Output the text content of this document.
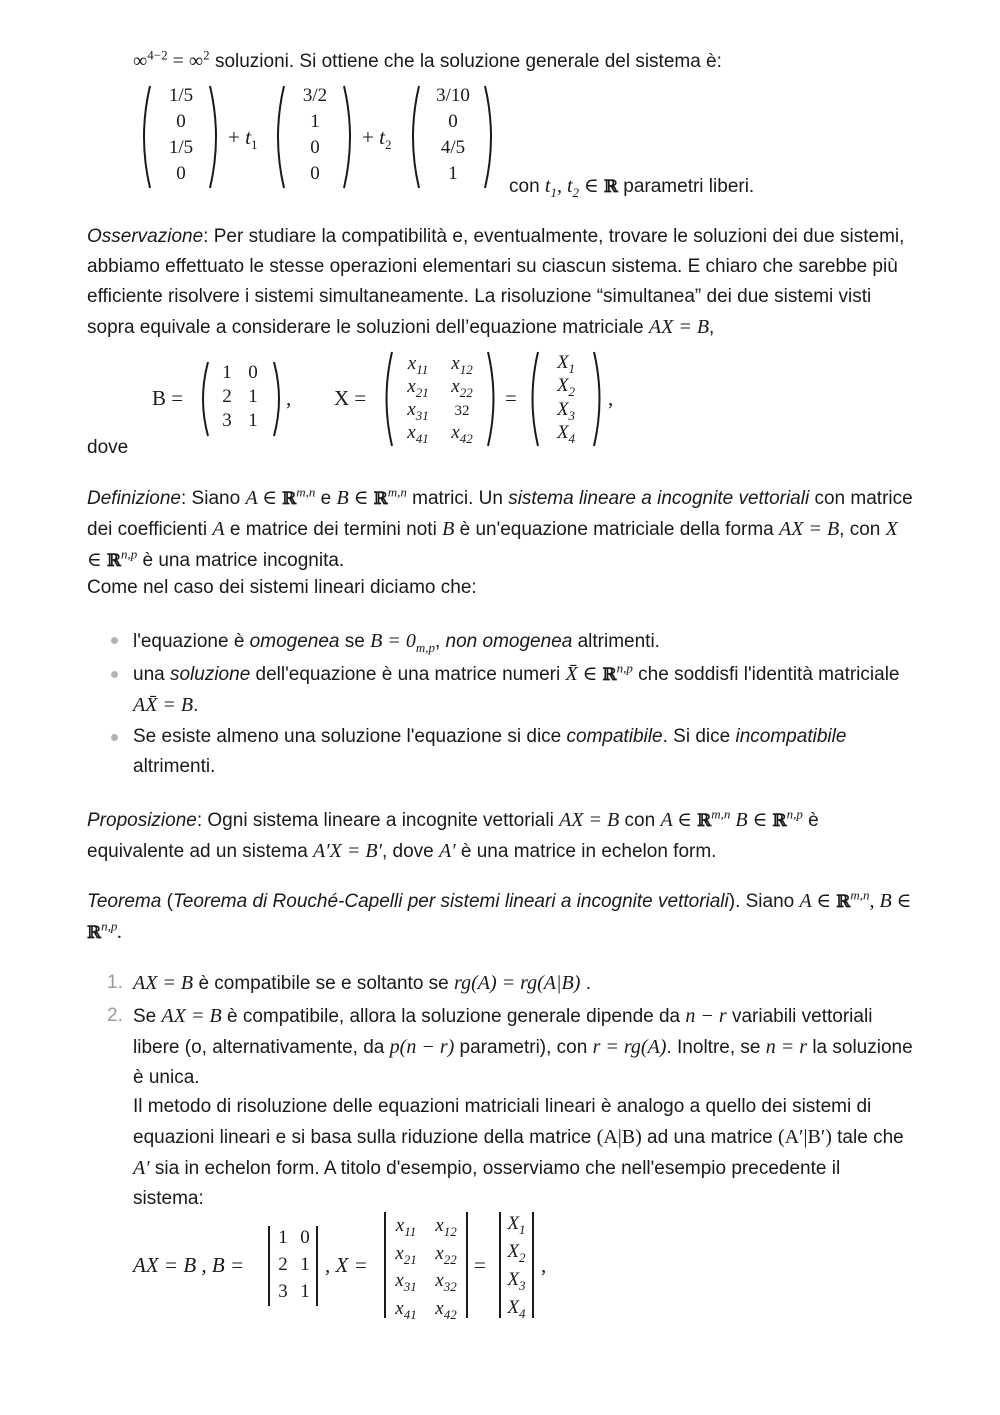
∞$^{4-2}$ = ∞$^2$ soluzioni. Si ottiene che la soluzione generale del sistema è:

1/5
0
1/5
0
+ $t_1$
3/2
1
0
0
+ $t_2$
3/10
0
4/5
1

con $t_1$, $t_2$ ∈ ℝ parametri liberi.

Osservazione: Per studiare la compatibilità e, eventualmente, trovare le soluzioni dei due sistemi, abbiamo effettuato le stesse operazioni elementari su ciascun sistema. E chiaro che sarebbe più efficiente risolvere i sistemi simultaneamente. La risoluzione “simultanea” dei due sistemi visti sopra equivale a considerare le soluzioni dell’equazione matriciale AX = B,

B =
1 0
2 1
3 1
, X =
$x_{11}$	$x_{12}$
$x_{21}$	$x_{22}$
$x_{31}$	32
$x_{41}$	$x_{42}$
=
$X_1$
$X_2$
$X_3$
$X_4$
,

dove

Definizione: Siano A ∈ ℝ$^{m,n}$ e B ∈ ℝ$^{m,n}$ matrici. Un sistema lineare a incognite vettoriali con matrice dei coefficienti A e matrice dei termini noti B è un'equazione matriciale della forma AX = B, con X ∈ ℝ$^{n,p}$ è una matrice incognita.

Come nel caso dei sistemi lineari diciamo che:

l'equazione è omogenea se $B = 0_{m,p}$, non omogenea altrimenti.

una soluzione dell'equazione è una matrice numeri X̄ ∈ ℝ$^{n,p}$ che soddisfi l'identità matriciale AX̄ = B.

Se esiste almeno una soluzione l'equazione si dice compatibile. Si dice incompatibile altrimenti.

Proposizione: Ogni sistema lineare a incognite vettoriali AX = B con A ∈ ℝ$^{m,n}$ B ∈ ℝ$^{n,p}$ è equivalente ad un sistema A′X = B′, dove A′ è una matrice in echelon form.

Teorema (Teorema di Rouché-Capelli per sistemi lineari a incognite vettoriali). Siano A ∈ ℝ$^{m,n}$, B ∈ ℝ$^{n,p}$.

1. AX = B è compatibile se e soltanto se rg(A) = rg(A|B) .

2. Se AX = B è compatibile, allora la soluzione generale dipende da n − r variabili vettoriali libere (o, alternativamente, da p(n − r) parametri), con r = rg(A). Inoltre, se n = r la soluzione è unica.

Il metodo di risoluzione delle equazioni matriciali lineari è analogo a quello dei sistemi di equazioni lineari e si basa sulla riduzione della matrice (A|B) ad una matrice (A′|B′) tale che A′ sia in echelon form. A titolo d'esempio, osserviamo che nell'esempio precedente il sistema:

AX = B , B =
1 0
2 1
3 1
, X =
$x_{11}$	$x_{12}$
$x_{21}$ $x_{22}$
$x_{31}$ $x_{32}$
$x_{41}$ $x_{42}$
=
$X_1$
$X_2$
$X_3$
$X_4$
,
